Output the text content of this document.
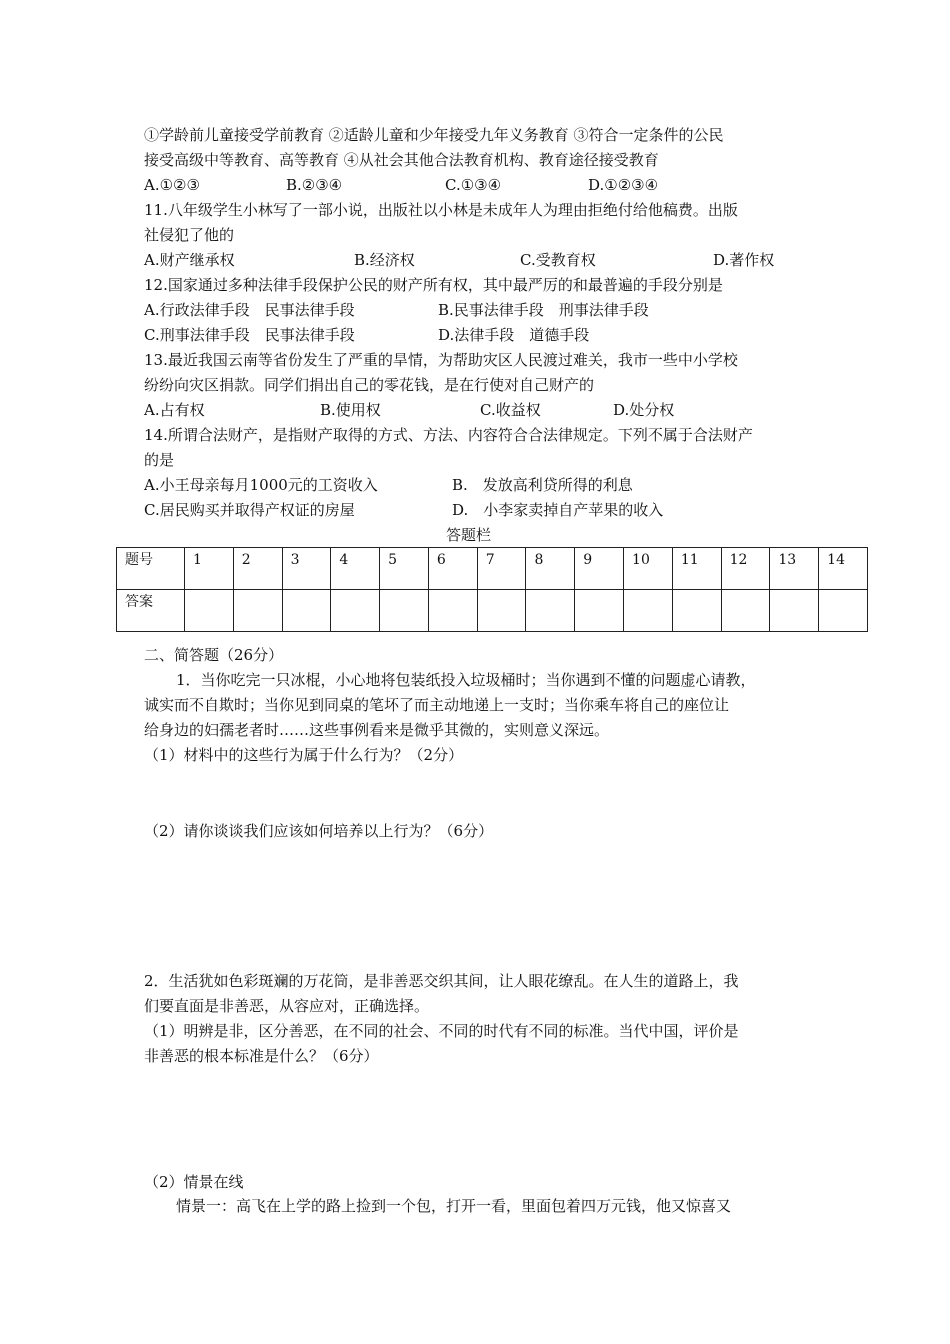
①学龄前儿童接受学前教育 ②适龄儿童和少年接受九年义务教育 ③符合一定条件的公民
接受高级中等教育、高等教育 ④从社会其他合法教育机构、教育途径接受教育
A.①②③	B.②③④	C.①③④	D.①②③④
11.八年级学生小林写了一部小说，出版社以小林是未成年人为理由拒绝付给他稿费。出版
社侵犯了他的
A.财产继承权	B.经济权	C.受教育权	D.著作权
12.国家通过多种法律手段保护公民的财产所有权，其中最严厉的和最普遍的手段分别是
A.行政法律手段　民事法律手段	B.民事法律手段　刑事法律手段
C.刑事法律手段　民事法律手段	D.法律手段　道德手段
13.最近我国云南等省份发生了严重的旱情，为帮助灾区人民渡过难关，我市一些中小学校
纷纷向灾区捐款。同学们捐出自己的零花钱，是在行使对自己财产的
A.占有权	B.使用权	C.收益权	D.处分权
14.所谓合法财产，是指财产取得的方式、方法、内容符合合法律规定。下列不属于合法财产
的是
A.小王母亲每月1000元的工资收入	B.　发放高利贷所得的利息
C.居民购买并取得产权证的房屋	D.　小李家卖掉自产苹果的收入
答题栏
题号	1	2	3	4	5	6	7	8	9	10	11	12	13	14
答案														
二、简答题（26分）
1．当你吃完一只冰棍，小心地将包装纸投入垃圾桶时；当你遇到不懂的问题虚心请教，
诚实而不自欺时；当你见到同桌的笔坏了而主动地递上一支时；当你乘车将自己的座位让
给身边的妇孺老者时……这些事例看来是微乎其微的，实则意义深远。
（1）材料中的这些行为属于什么行为？（2分）
（2）请你谈谈我们应该如何培养以上行为？（6分）
2．生活犹如色彩斑斓的万花筒，是非善恶交织其间，让人眼花缭乱。在人生的道路上，我
们要直面是非善恶，从容应对，正确选择。
（1）明辨是非，区分善恶，在不同的社会、不同的时代有不同的标准。当代中国，评价是
非善恶的根本标准是什么？（6分）
（2）情景在线
情景一：高飞在上学的路上捡到一个包，打开一看，里面包着四万元钱，他又惊喜又
